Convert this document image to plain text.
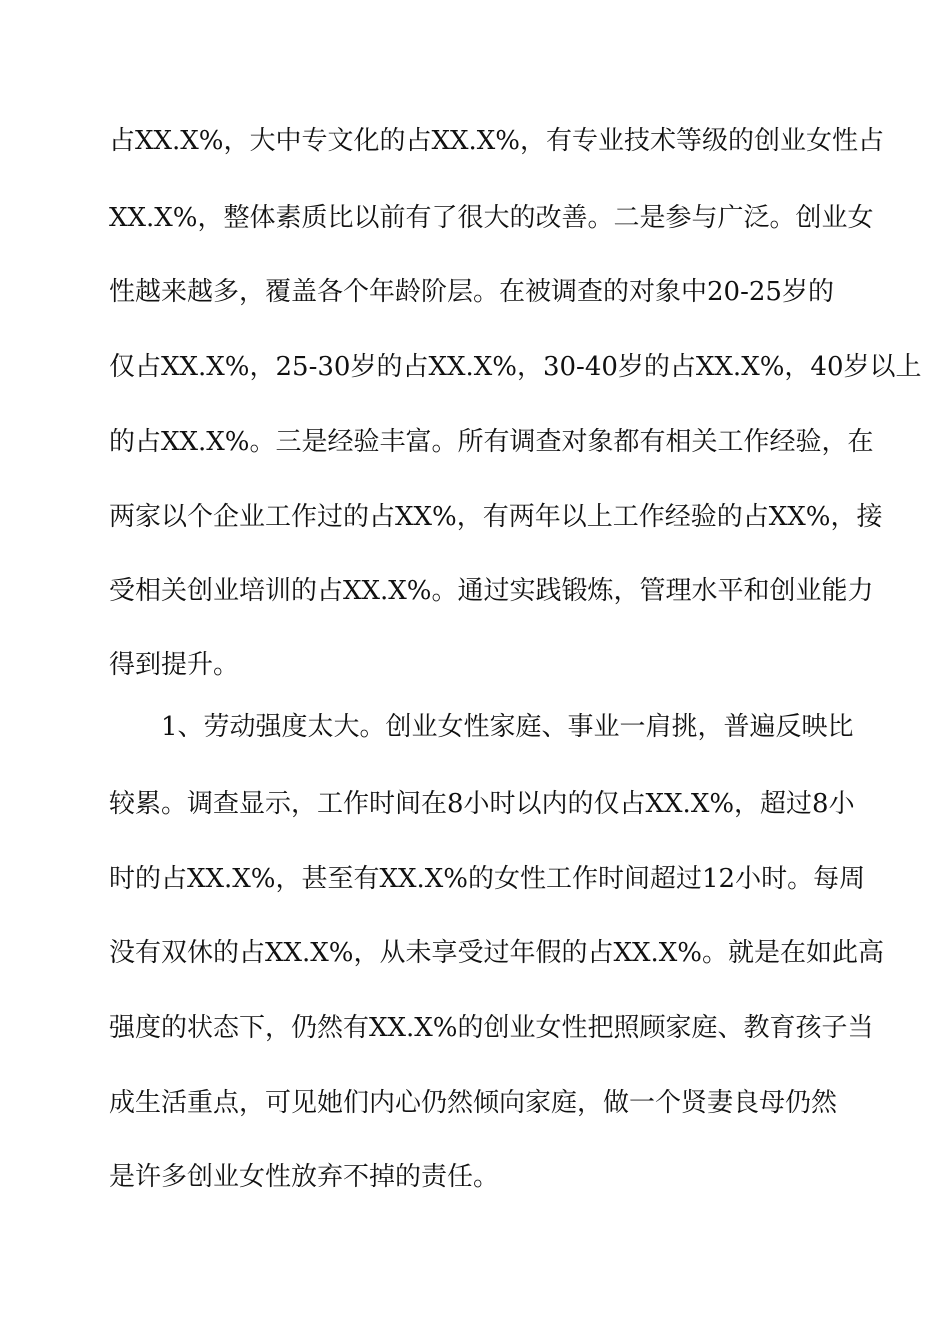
占XX.X%，大中专文化的占XX.X%，有专业技术等级的创业女性占
XX.X%，整体素质比以前有了很大的改善。二是参与广泛。创业女
性越来越多，覆盖各个年龄阶层。在被调查的对象中20-25岁的
仅占XX.X%，25-30岁的占XX.X%，30-40岁的占XX.X%，40岁以上
的占XX.X%。三是经验丰富。所有调查对象都有相关工作经验，在
两家以个企业工作过的占XX%，有两年以上工作经验的占XX%，接
受相关创业培训的占XX.X%。通过实践锻炼，管理水平和创业能力
得到提升。
1、劳动强度太大。创业女性家庭、事业一肩挑，普遍反映比
较累。调查显示，工作时间在8小时以内的仅占XX.X%，超过8小
时的占XX.X%，甚至有XX.X%的女性工作时间超过12小时。每周
没有双休的占XX.X%，从未享受过年假的占XX.X%。就是在如此高
强度的状态下，仍然有XX.X%的创业女性把照顾家庭、教育孩子当
成生活重点，可见她们内心仍然倾向家庭，做一个贤妻良母仍然
是许多创业女性放弃不掉的责任。
